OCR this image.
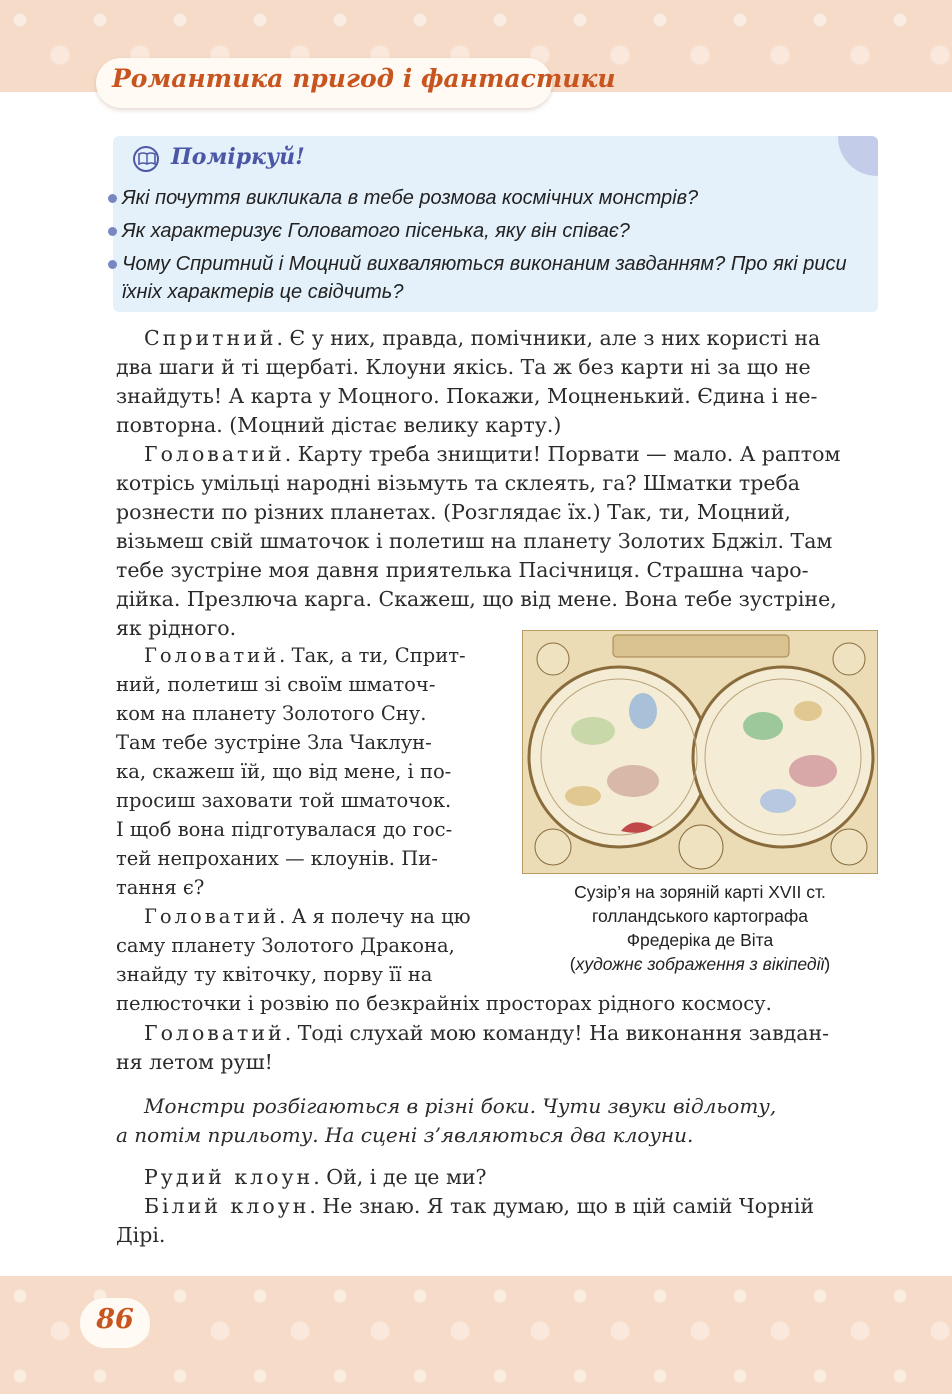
Романтика пригод і фантастики
Поміркуй!
Які почуття викликала в тебе розмова космічних монстрів?
Як характеризує Головатого пісенька, яку він співає?
Чому Спритний і Моцний вихваляються виконаним завданням? Про які риси
їхніх характерів це свідчить?
Спритний. Є у них, правда, помічники, але з них користі на
два шаги й ті щербаті. Клоуни якісь. Та ж без карти ні за що не
знайдуть! А карта у Моцного. Покажи, Моцненький. Єдина і не-
повторна. (Моцний дістає велику карту.)
Головатий. Карту треба знищити! Порвати — мало. А раптом
котрісь умільці народні візьмуть та склеять, га? Шматки треба
рознести по різних планетах. (Розглядає їх.) Так, ти, Моцний,
візьмеш свій шматочок і полетиш на планету Золотих Бджіл. Там
тебе зустріне моя давня приятелька Пасічниця. Страшна чаро-
дійка. Презлюча карга. Скажеш, що від мене. Вона тебе зустріне,
як рідного.
Головатий. Так, а ти, Сприт-
ний, полетиш зі своїм шматоч-
ком на планету Золотого Сну.
Там тебе зустріне Зла Чаклун-
ка, скажеш їй, що від мене, і по-
просиш заховати той шматочок.
І щоб вона підготувалася до гос-
тей непроханих — клоунів. Пи-
тання є?
Головатий. А я полечу на цю
саму планету Золотого Дракона,
знайду ту квіточку, порву її на
пелюсточки і розвію по безкрайніх просторах рідного космосу.
Головатий. Тоді слухай мою команду! На виконання завдан-
ня летом руш!
Монстри розбігаються в різні боки. Чути звуки відльоту,
а потім прильоту. На сцені з’являються два клоуни.
Рудий клоун. Ой, і де це ми?
Білий клоун. Не знаю. Я так думаю, що в цій самій Чорній
Дірі.
Сузір’я на зоряній карті XVII ст.
голландського картографа
Фредеріка де Віта
(художнє зображення з вікіпедії)
86
